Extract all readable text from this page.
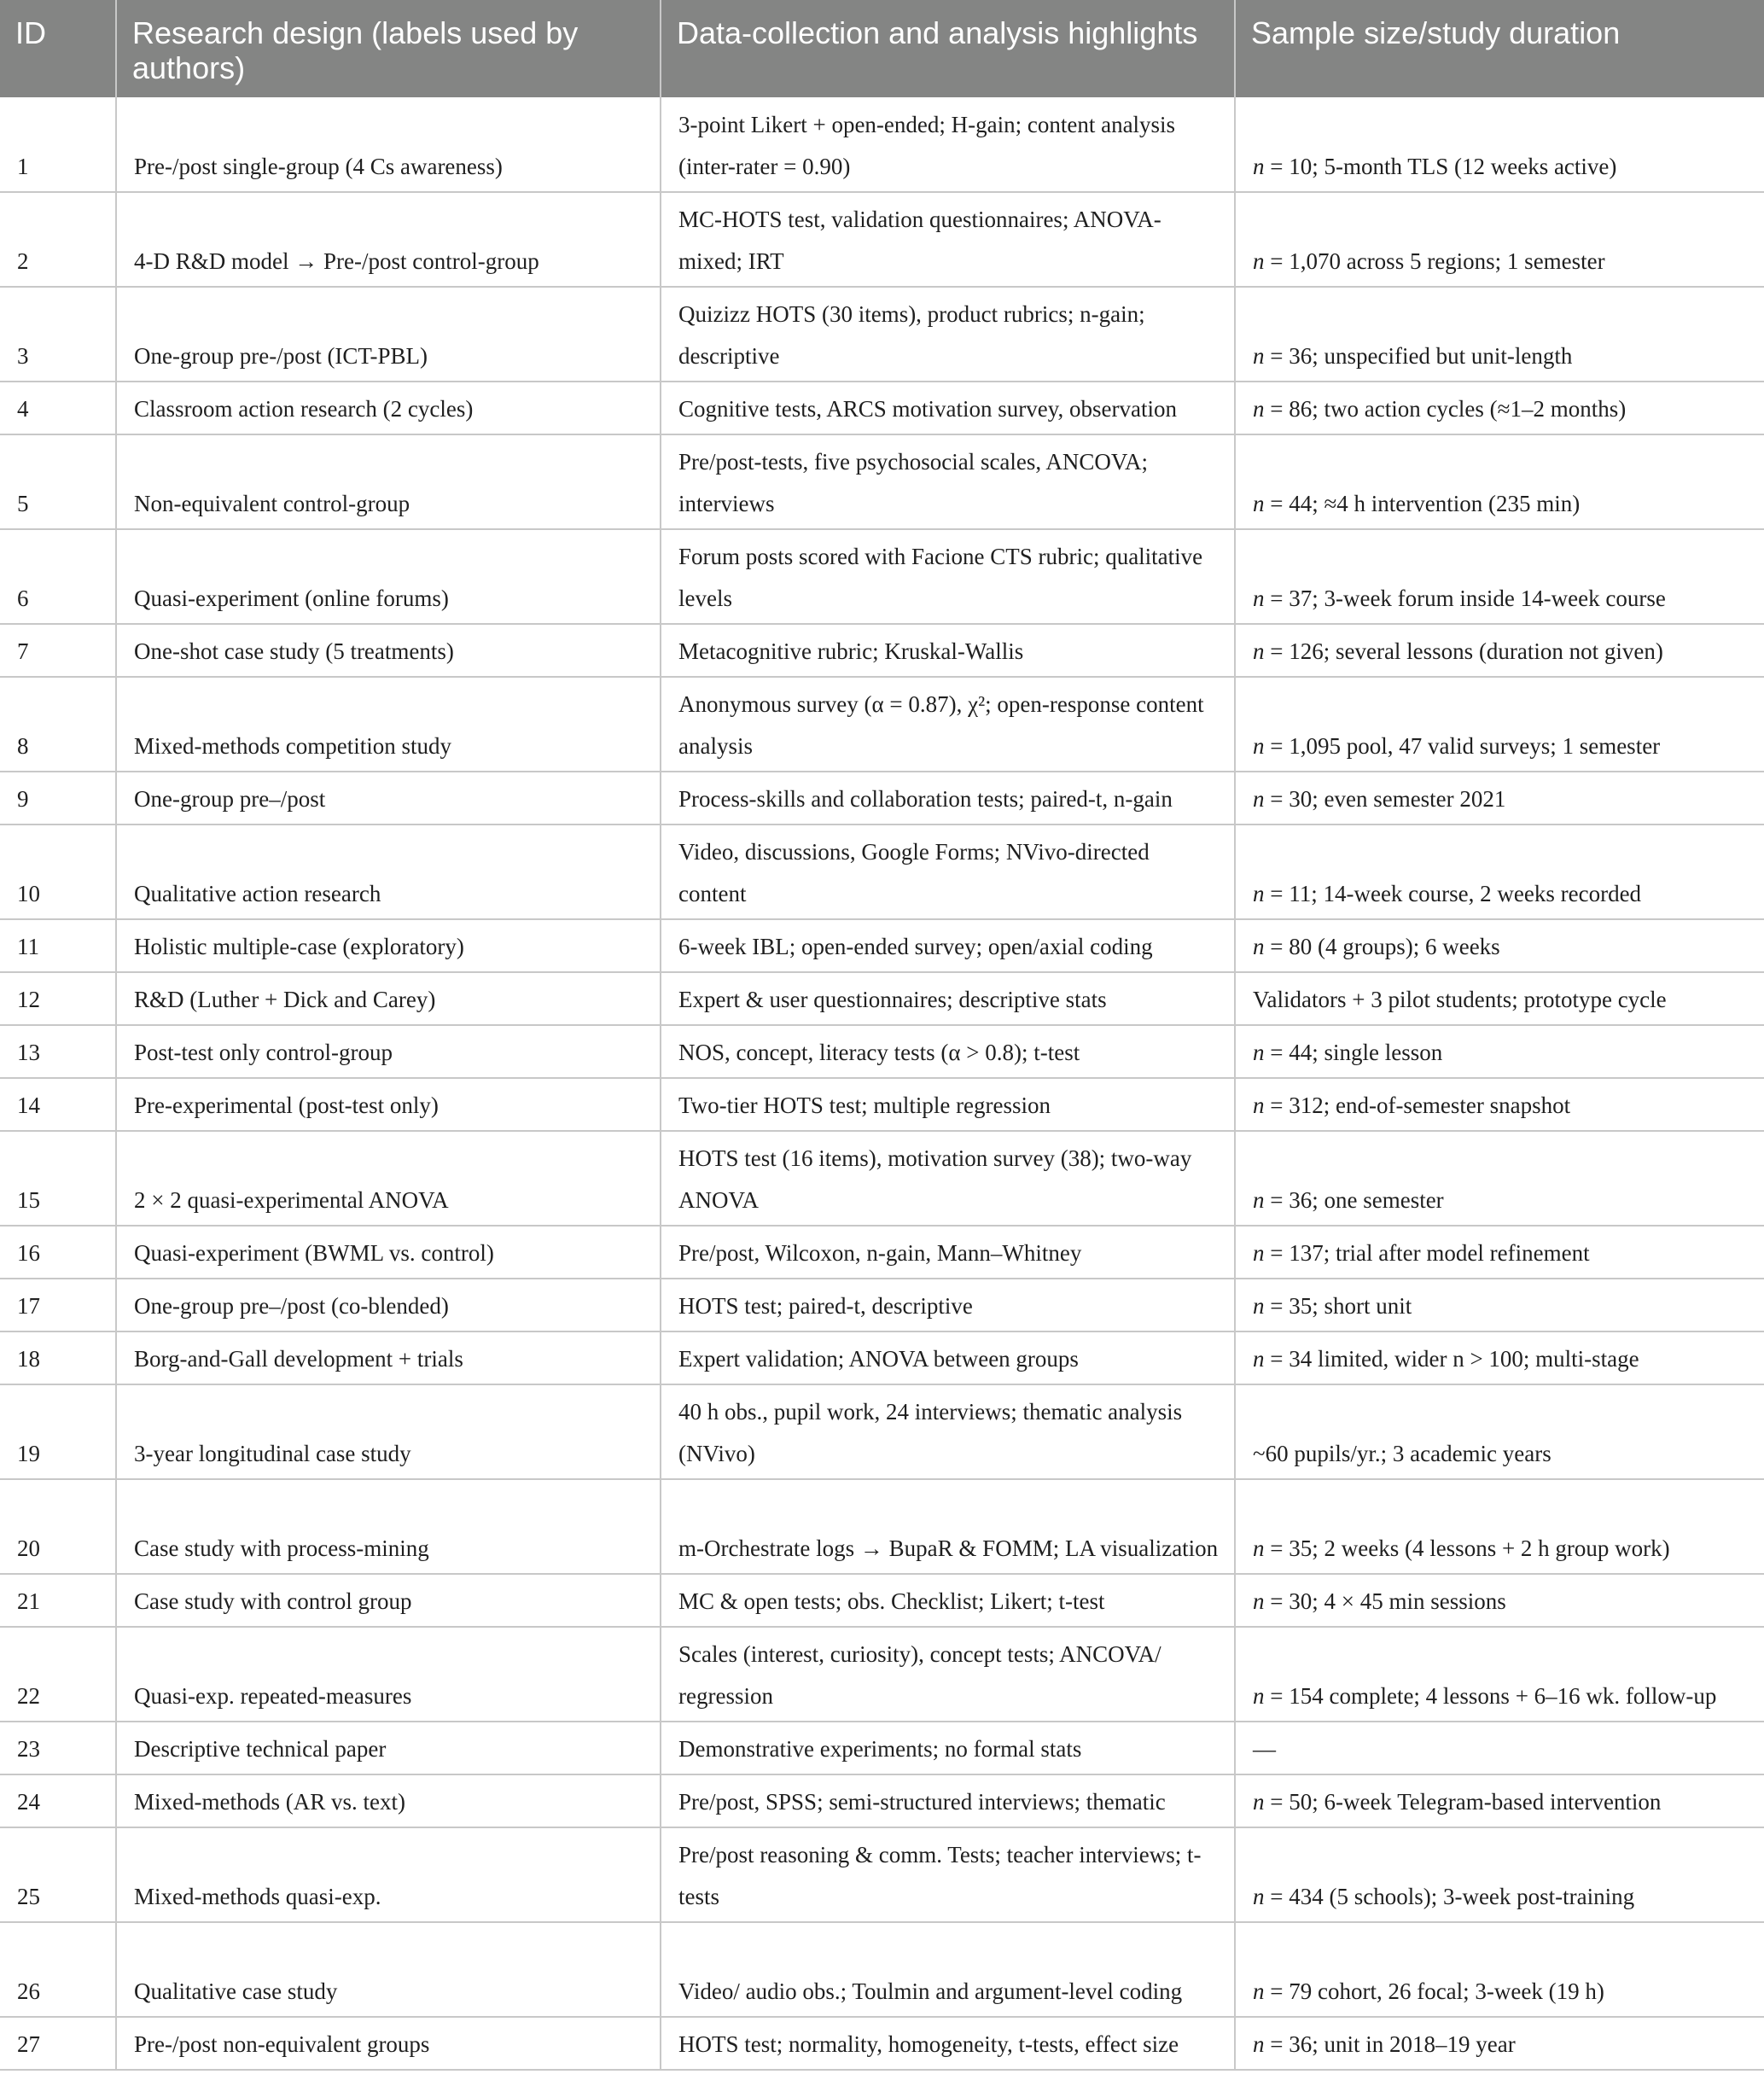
ID	Research design (labels used by authors)	Data-collection and analysis highlights	Sample size/study duration
1	Pre-/post single-group (4 Cs awareness)	3-point Likert + open-ended; H-gain; content analysis (inter-rater = 0.90)	n = 10; 5-month TLS (12 weeks active)
2	4-D R&D model → Pre-/post control-group	MC-HOTS test, validation questionnaires; ANOVA-mixed; IRT	n = 1,070 across 5 regions; 1 semester
3	One-group pre-/post (ICT-PBL)	Quizizz HOTS (30 items), product rubrics; n-gain; descriptive	n = 36; unspecified but unit-length
4	Classroom action research (2 cycles)	Cognitive tests, ARCS motivation survey, observation	n = 86; two action cycles (≈1–2 months)
5	Non-equivalent control-group	Pre/post-tests, five psychosocial scales, ANCOVA; interviews	n = 44; ≈4 h intervention (235 min)
6	Quasi-experiment (online forums)	Forum posts scored with Facione CTS rubric; qualitative levels	n = 37; 3-week forum inside 14-week course
7	One-shot case study (5 treatments)	Metacognitive rubric; Kruskal-Wallis	n = 126; several lessons (duration not given)
8	Mixed-methods competition study	Anonymous survey (α = 0.87), χ²; open-response content analysis	n = 1,095 pool, 47 valid surveys; 1 semester
9	One-group pre–/post	Process-skills and collaboration tests; paired-t, n-gain	n = 30; even semester 2021
10	Qualitative action research	Video, discussions, Google Forms; NVivo-directed content	n = 11; 14-week course, 2 weeks recorded
11	Holistic multiple-case (exploratory)	6-week IBL; open-ended survey; open/axial coding	n = 80 (4 groups); 6 weeks
12	R&D (Luther + Dick and Carey)	Expert & user questionnaires; descriptive stats	Validators + 3 pilot students; prototype cycle
13	Post-test only control-group	NOS, concept, literacy tests (α > 0.8); t-test	n = 44; single lesson
14	Pre-experimental (post-test only)	Two-tier HOTS test; multiple regression	n = 312; end-of-semester snapshot
15	2 × 2 quasi-experimental ANOVA	HOTS test (16 items), motivation survey (38); two-way ANOVA	n = 36; one semester
16	Quasi-experiment (BWML vs. control)	Pre/post, Wilcoxon, n-gain, Mann–Whitney	n = 137; trial after model refinement
17	One-group pre–/post (co-blended)	HOTS test; paired-t, descriptive	n = 35; short unit
18	Borg-and-Gall development + trials	Expert validation; ANOVA between groups	n = 34 limited, wider n > 100; multi-stage
19	3-year longitudinal case study	40 h obs., pupil work, 24 interviews; thematic analysis (NVivo)	~60 pupils/yr.; 3 academic years
20	Case study with process-mining	m-Orchestrate logs → BupaR & FOMM; LA visualization	n = 35; 2 weeks (4 lessons + 2 h group work)
21	Case study with control group	MC & open tests; obs. Checklist; Likert; t-test	n = 30; 4 × 45 min sessions
22	Quasi-exp. repeated-measures	Scales (interest, curiosity), concept tests; ANCOVA/ regression	n = 154 complete; 4 lessons + 6–16 wk. follow-up
23	Descriptive technical paper	Demonstrative experiments; no formal stats	—
24	Mixed-methods (AR vs. text)	Pre/post, SPSS; semi-structured interviews; thematic	n = 50; 6-week Telegram-based intervention
25	Mixed-methods quasi-exp.	Pre/post reasoning & comm. Tests; teacher interviews; t-tests	n = 434 (5 schools); 3-week post-training
26	Qualitative case study	Video/ audio obs.; Toulmin and argument-level coding	n = 79 cohort, 26 focal; 3-week (19 h)
27	Pre-/post non-equivalent groups	HOTS test; normality, homogeneity, t-tests, effect size	n = 36; unit in 2018–19 year
